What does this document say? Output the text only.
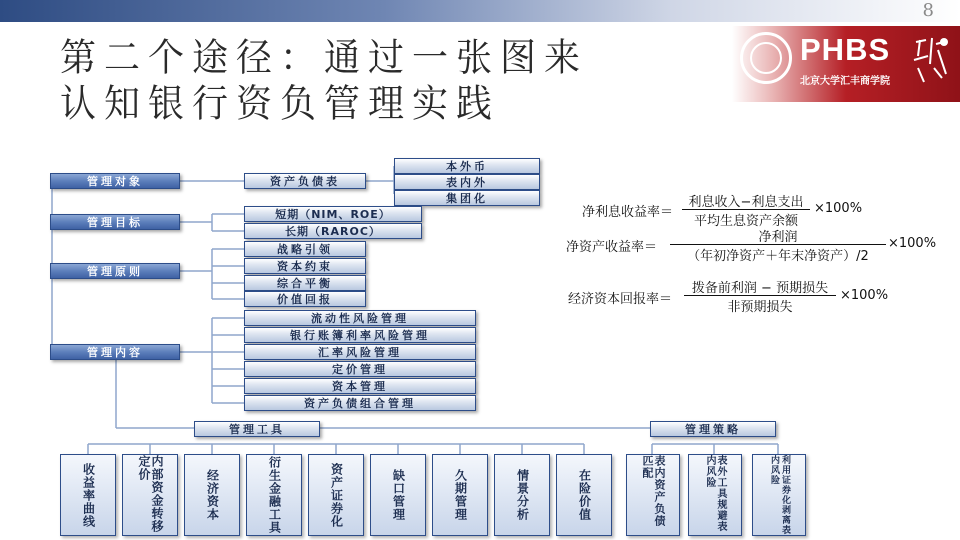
8
第二个途径：通过一张图来
认知银行资负管理实践
PHBS
北京大学汇丰商学院
管理对象
管理目标
管理原则
管理内容
资产负债表
本外币
表内外
集团化
短期（NIM、ROE）
长期（RAROC）
战略引领
资本约束
综合平衡
价值回报
流动性风险管理
银行账簿利率风险管理
汇率风险管理
定价管理
资本管理
资产负债组合管理
管理工具	管理策略
收益率曲线	内部资金转移定价
经济资本	衍生金融工具	资产证券化	缺口管理	久期管理	情景分析	在险价值	表内资产负债匹配	表外工具规避表内风险	利用证券化剥离表内风险
净利息收益率＝
利息收入−利息支出
平均生息资产余额
×100%
净资产收益率＝
净利润
（年初净资产＋年末净资产）/2
×100%
经济资本回报率＝
拨备前利润 − 预期损失
非预期损失
×100%
